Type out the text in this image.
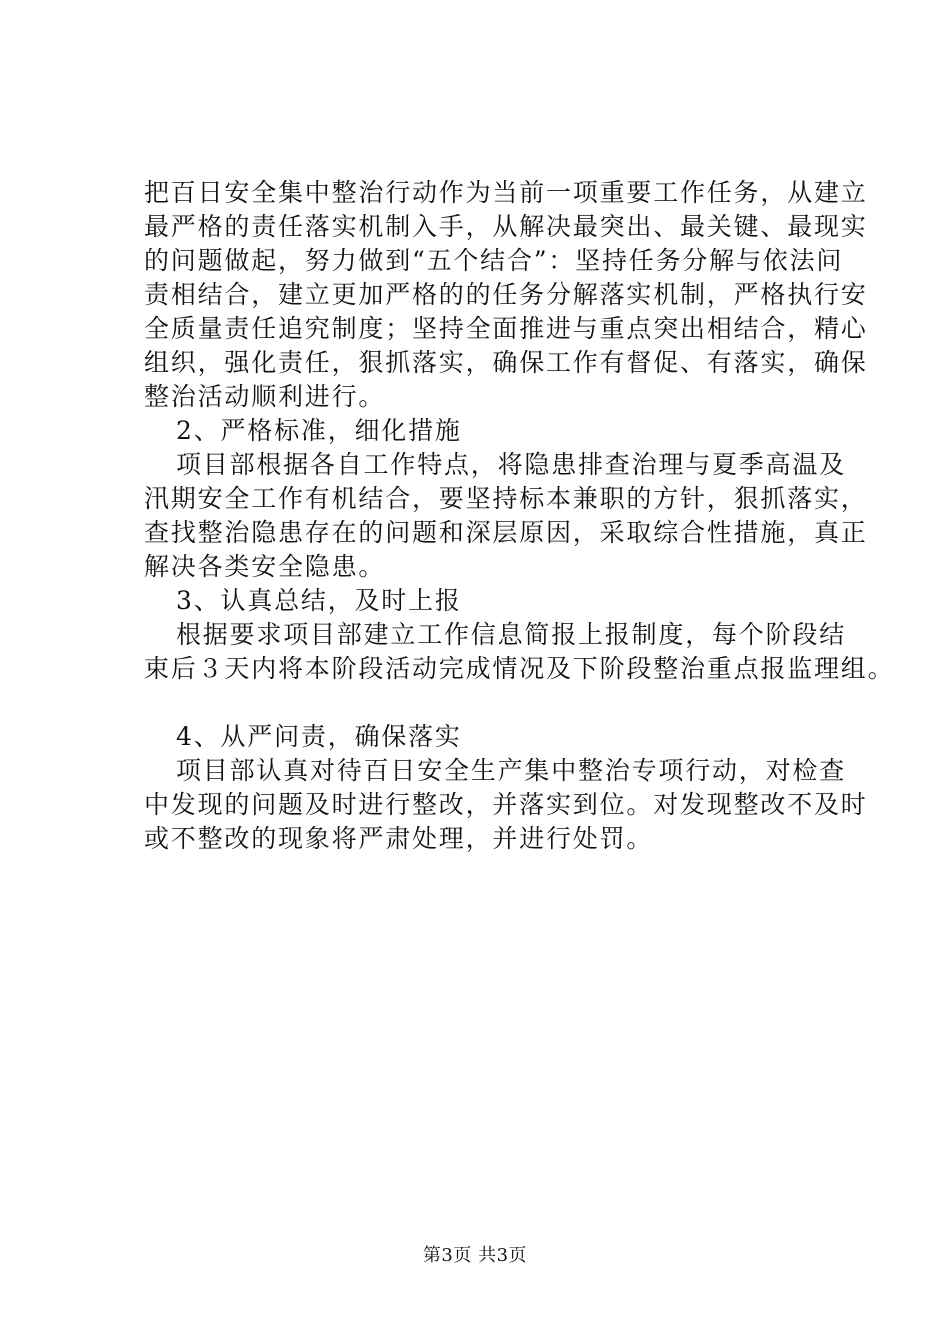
把百日安全集中整治行动作为当前一项重要工作任务，从建立
最严格的责任落实机制入手，从解决最突出、最关键、最现实
的问题做起，努力做到“五个结合”：坚持任务分解与依法问
责相结合，建立更加严格的的任务分解落实机制，严格执行安
全质量责任追究制度；坚持全面推进与重点突出相结合，精心
组织，强化责任，狠抓落实，确保工作有督促、有落实，确保
整治活动顺利进行。
2、严格标准，细化措施
项目部根据各自工作特点，将隐患排查治理与夏季高温及
汛期安全工作有机结合，要坚持标本兼职的方针，狠抓落实，
查找整治隐患存在的问题和深层原因，采取综合性措施，真正
解决各类安全隐患。
3、认真总结，及时上报
根据要求项目部建立工作信息简报上报制度，每个阶段结
束后３天内将本阶段活动完成情况及下阶段整治重点报监理组。
4、从严问责，确保落实
项目部认真对待百日安全生产集中整治专项行动，对检查
中发现的问题及时进行整改，并落实到位。对发现整改不及时
或不整改的现象将严肃处理，并进行处罚。
第3页 共3页
